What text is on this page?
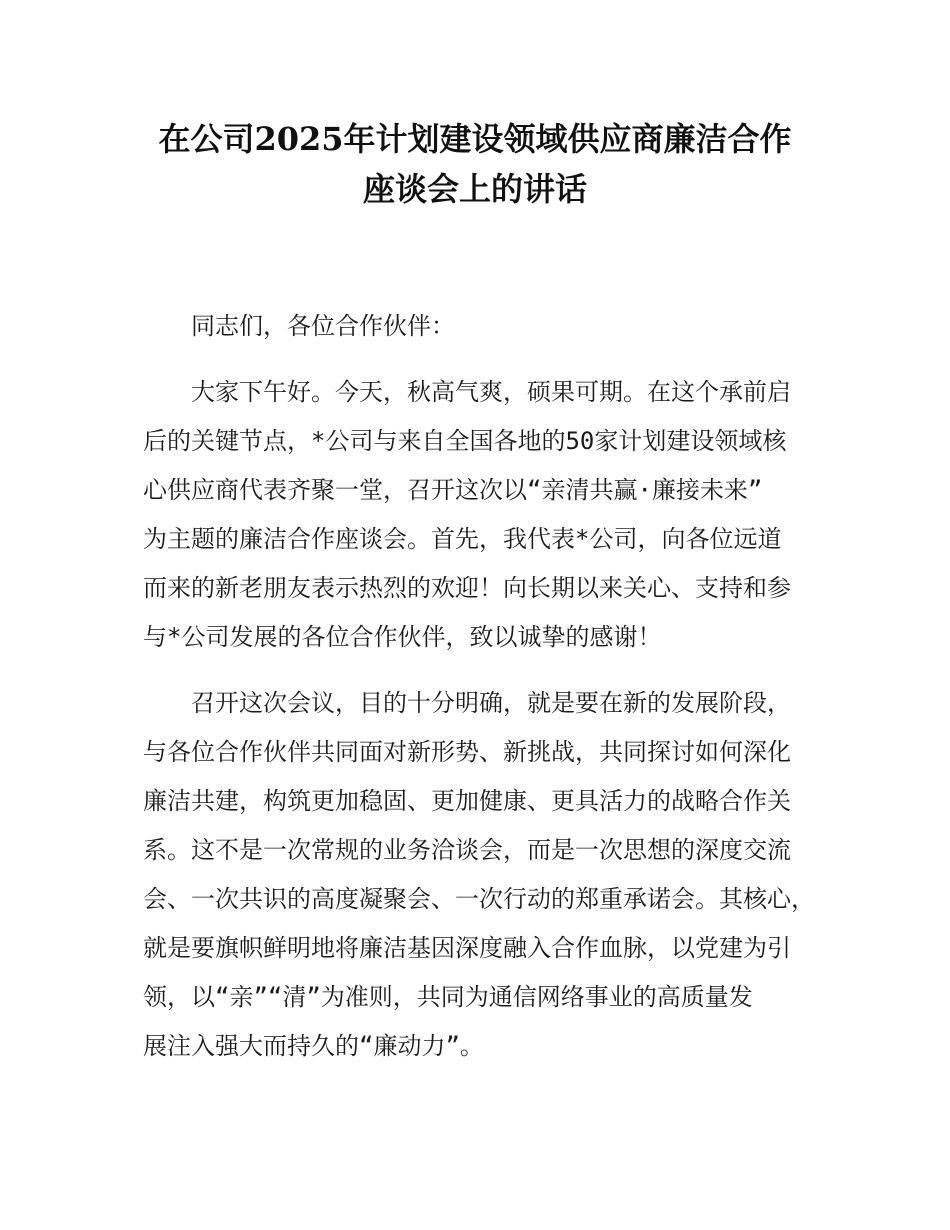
在公司2025年计划建设领域供应商廉洁合作
座谈会上的讲话
同志们，各位合作伙伴：
大家下午好。今天，秋高气爽，硕果可期。在这个承前启
后的关键节点，*公司与来自全国各地的50家计划建设领域核
心供应商代表齐聚一堂，召开这次以“亲清共赢·廉接未来”
为主题的廉洁合作座谈会。首先，我代表*公司，向各位远道
而来的新老朋友表示热烈的欢迎！向长期以来关心、支持和参
与*公司发展的各位合作伙伴，致以诚挚的感谢！
召开这次会议，目的十分明确，就是要在新的发展阶段，
与各位合作伙伴共同面对新形势、新挑战，共同探讨如何深化
廉洁共建，构筑更加稳固、更加健康、更具活力的战略合作关
系。这不是一次常规的业务洽谈会，而是一次思想的深度交流
会、一次共识的高度凝聚会、一次行动的郑重承诺会。其核心，
就是要旗帜鲜明地将廉洁基因深度融入合作血脉，以党建为引
领，以“亲”“清”为准则，共同为通信网络事业的高质量发
展注入强大而持久的“廉动力”。
